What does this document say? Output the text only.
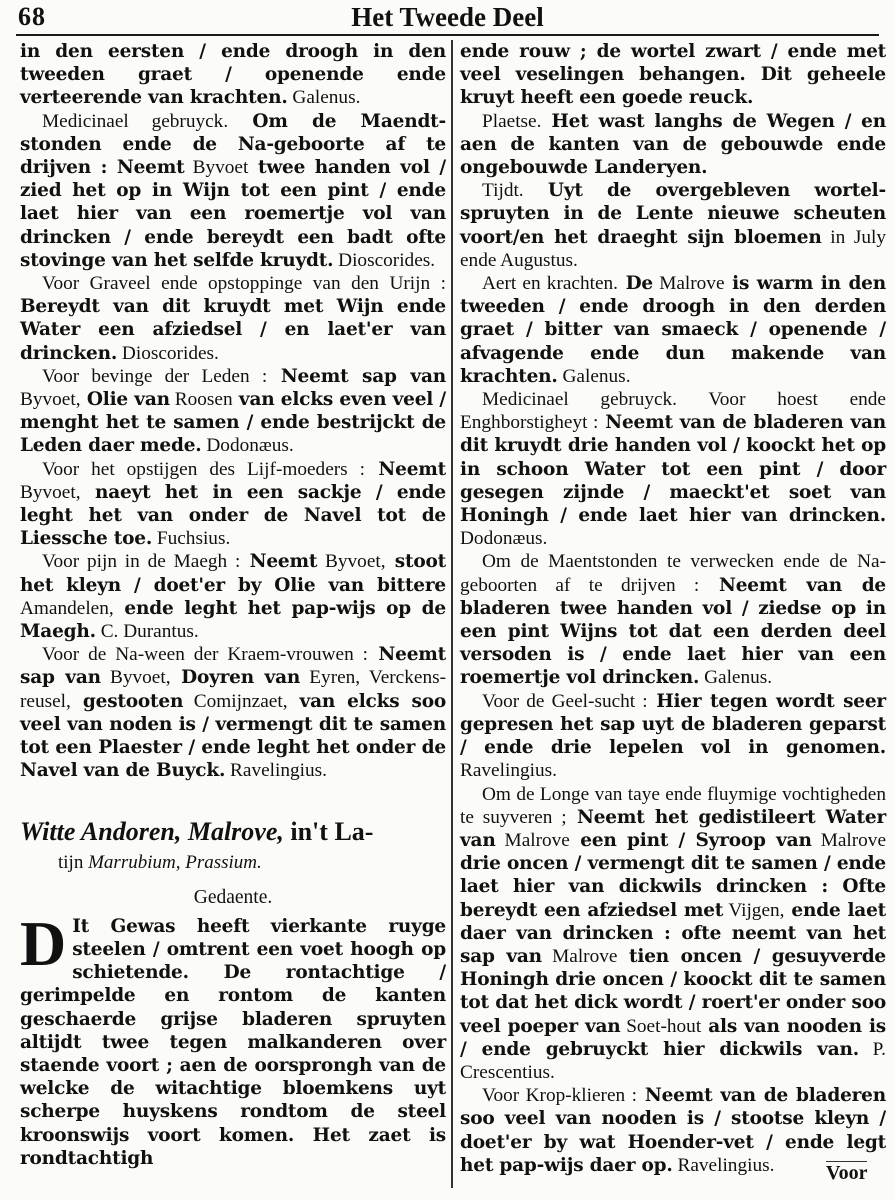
68	Het Tweede Deel

in den eersten / ende droogh in den tweeden graet / openende ende verteerende van krachten. Galenus.

Medicinael gebruyck. Om de Maendt-stonden ende de Na-geboorte af te drijven : Neemt Byvoet twee handen vol / zied het op in Wijn tot een pint / ende laet hier van een roemertje vol van drincken / ende bereydt een badt ofte stovinge van het selfde kruydt. Dioscorides.

Voor Graveel ende opstoppinge van den Urijn : Bereydt van dit kruydt met Wijn ende Water een afziedsel / en laet'er van drincken. Dioscorides.

Voor bevinge der Leden : Neemt sap van Byvoet, Olie van Roosen van elcks even veel / menght het te samen / ende bestrijckt de Leden daer mede. Dodonæus.

Voor het opstijgen des Lijf-moeders : Neemt Byvoet, naeyt het in een sackje / ende leght het van onder de Navel tot de Liessche toe. Fuchsius.

Voor pijn in de Maegh : Neemt Byvoet, stoot het kleyn / doet'er by Olie van bittere Amandelen, ende leght het pap-wijs op de Maegh. C. Durantus.

Voor de Na-ween der Kraem-vrouwen : Neemt sap van Byvoet, Doyren van Eyren, Verckens-reusel, gestooten Comijnzaet, van elcks soo veel van noden is / vermengt dit te samen tot een Plaester / ende leght het onder de Navel van de Buyck. Ravelingius.

Witte Andoren, Malrove, in't La-

tijn Marrubium, Prassium.

Gedaente.

D It Gewas heeft vierkante ruyge steelen / omtrent een voet hoogh op schietende. De rontachtige / gerimpelde en rontom de kanten geschaerde grijse bladeren spruyten altijdt twee tegen malkanderen over staende voort ; aen de oorsprongh van de welcke de witachtige bloemkens uyt scherpe huyskens rondtom de steel kroonswijs voort komen. Het zaet is rondtachtigh

ende rouw ; de wortel zwart / ende met veel veselingen behangen. Dit geheele kruyt heeft een goede reuck.

Plaetse. Het wast langhs de Wegen / en aen de kanten van de gebouwde ende ongebouwde Landeryen.

Tijdt. Uyt de overgebleven wortel-spruyten in de Lente nieuwe scheuten voort/en het draeght sijn bloemen in July ende Augustus.

Aert en krachten. De Malrove is warm in den tweeden / ende droogh in den derden graet / bitter van smaeck / openende / afvagende ende dun makende van krachten. Galenus.

Medicinael gebruyck. Voor hoest ende Enghborstigheyt : Neemt van de bladeren van dit kruydt drie handen vol / koockt het op in schoon Water tot een pint / door gesegen zijnde / maeckt'et soet van Honingh / ende laet hier van drincken. Dodonæus.

Om de Maentstonden te verwecken ende de Na-geboorten af te drijven : Neemt van de bladeren twee handen vol / ziedse op in een pint Wijns tot dat een derden deel versoden is / ende laet hier van een roemertje vol drincken. Galenus.

Voor de Geel-sucht : Hier tegen wordt seer gepresen het sap uyt de bladeren geparst / ende drie lepelen vol in genomen. Ravelingius.

Om de Longe van taye ende fluymige vochtigheden te suyveren ; Neemt het gedistileert Water van Malrove een pint / Syroop van Malrove drie oncen / vermengt dit te samen / ende laet hier van dickwils drincken : Ofte bereydt een afziedsel met Vijgen, ende laet daer van drincken : ofte neemt van het sap van Malrove tien oncen / gesuyverde Honingh drie oncen / koockt dit te samen tot dat het dick wordt / roert'er onder soo veel poeper van Soet-hout als van nooden is / ende gebruyckt hier dickwils van. P. Crescentius.

Voor Krop-klieren : Neemt van de bladeren soo veel van nooden is / stootse kleyn / doet'er by wat Hoender-vet / ende legt het pap-wijs daer op. Ravelingius.	Voor
